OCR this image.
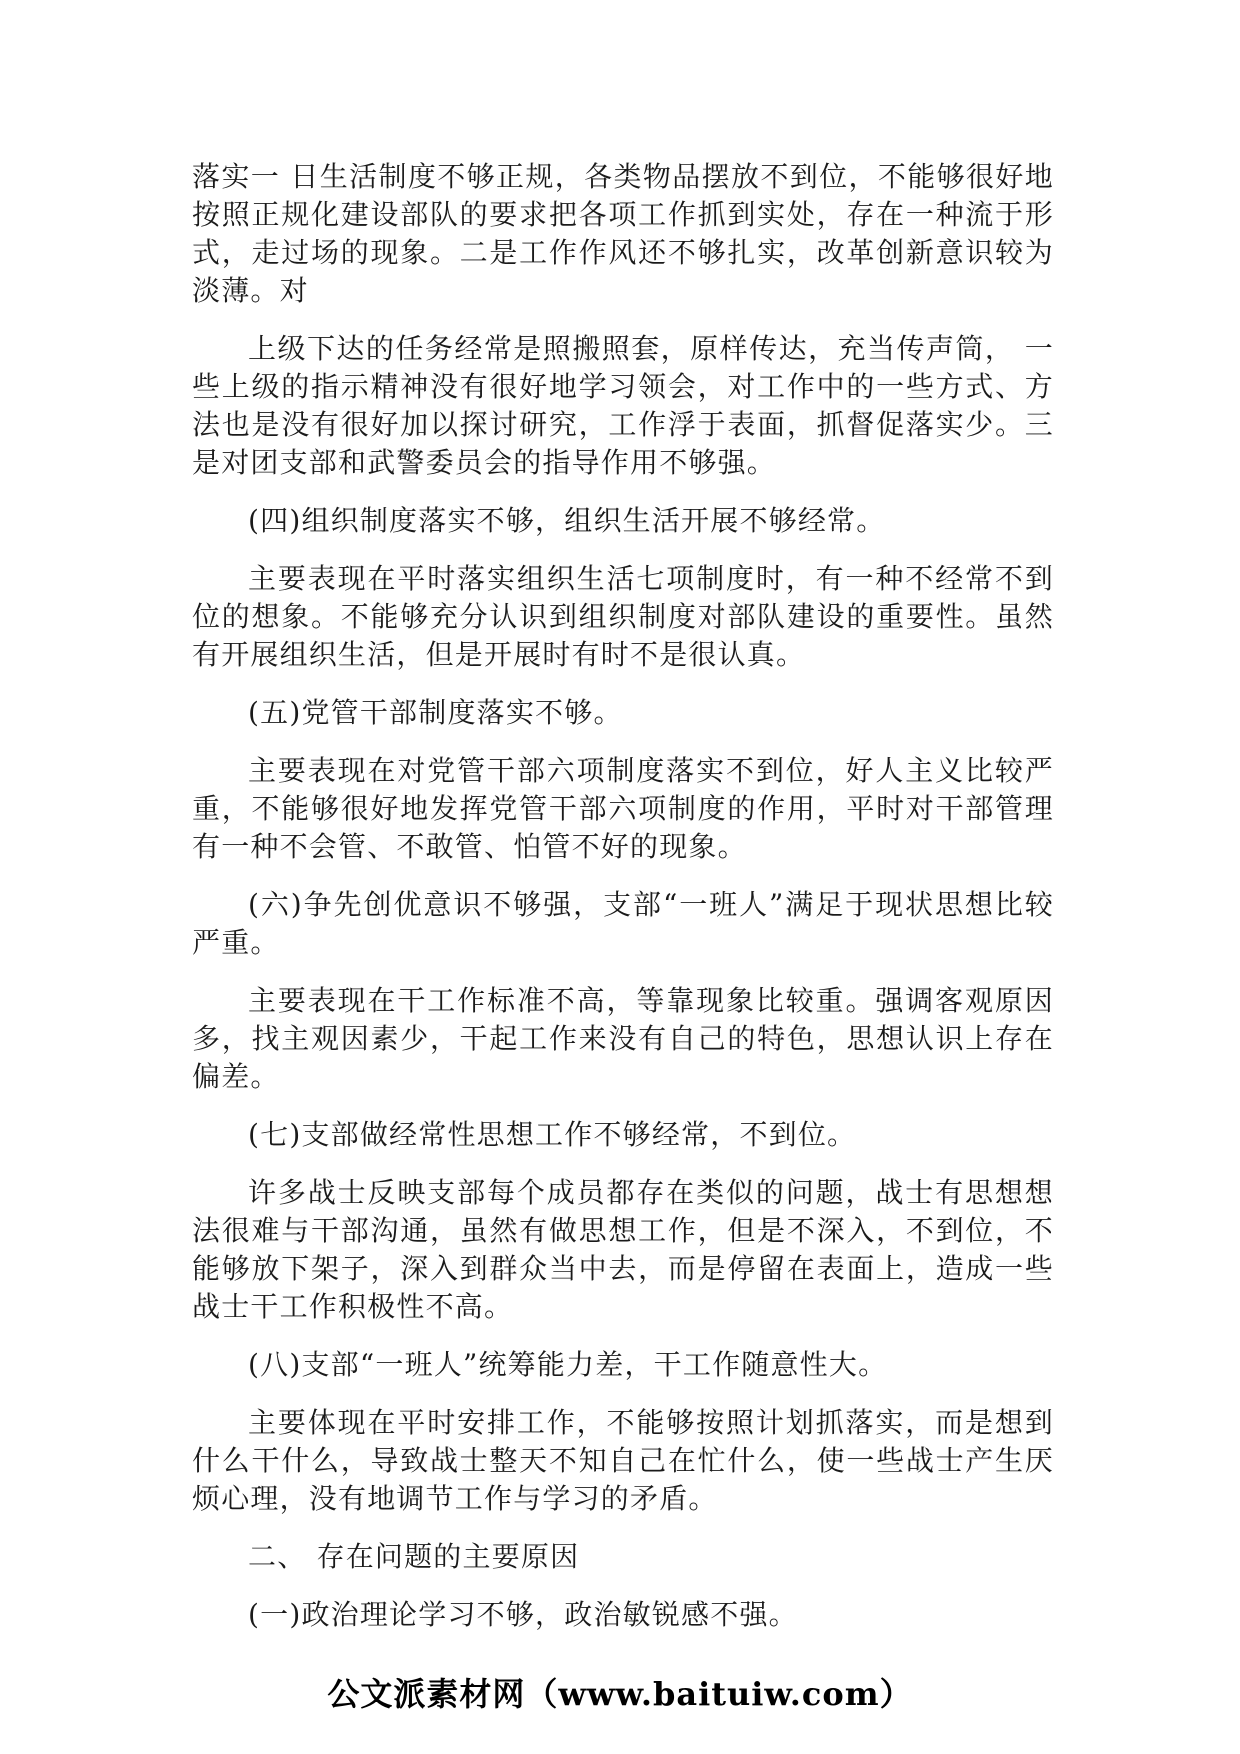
落实一 日生活制度不够正规，各类物品摆放不到位，不能够很好地按照正规化建设部队的要求把各项工作抓到实处，存在一种流于形式，走过场的现象。二是工作作风还不够扎实，改革创新意识较为淡薄。对

上级下达的任务经常是照搬照套，原样传达，充当传声筒， 一些上级的指示精神没有很好地学习领会，对工作中的一些方式、方法也是没有很好加以探讨研究，工作浮于表面，抓督促落实少。三是对团支部和武警委员会的指导作用不够强。

(四)组织制度落实不够，组织生活开展不够经常。

主要表现在平时落实组织生活七项制度时，有一种不经常不到位的想象。不能够充分认识到组织制度对部队建设的重要性。虽然有开展组织生活，但是开展时有时不是很认真。

(五)党管干部制度落实不够。

主要表现在对党管干部六项制度落实不到位，好人主义比较严重，不能够很好地发挥党管干部六项制度的作用，平时对干部管理有一种不会管、不敢管、怕管不好的现象。

(六)争先创优意识不够强，支部“一班人”满足于现状思想比较严重。

主要表现在干工作标准不高，等靠现象比较重。强调客观原因多，找主观因素少，干起工作来没有自己的特色，思想认识上存在偏差。

(七)支部做经常性思想工作不够经常，不到位。

许多战士反映支部每个成员都存在类似的问题，战士有思想想法很难与干部沟通，虽然有做思想工作，但是不深入，不到位，不能够放下架子，深入到群众当中去，而是停留在表面上，造成一些战士干工作积极性不高。

(八)支部“一班人”统筹能力差，干工作随意性大。

主要体现在平时安排工作，不能够按照计划抓落实，而是想到什么干什么，导致战士整天不知自己在忙什么，使一些战士产生厌烦心理，没有地调节工作与学习的矛盾。

二、 存在问题的主要原因

(一)政治理论学习不够，政治敏锐感不强。

公文派素材网（www.baituiw.com）
